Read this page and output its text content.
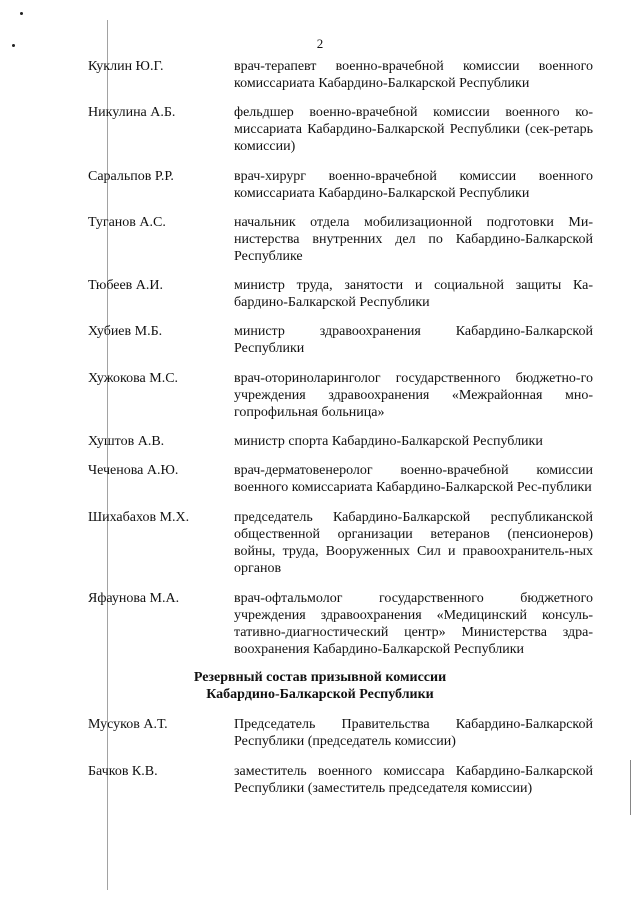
2
Куклин Ю.Г.	врач-терапевт военно-врачебной комиссии военного комиссариата Кабардино-Балкарской Республики
Никулина А.Б.	фельдшер военно-врачебной комиссии военного ко-миссариата Кабардино-Балкарской Республики (сек-ретарь комиссии)
Саральпов Р.Р.	врач-хирург военно-врачебной комиссии военного комиссариата Кабардино-Балкарской Республики
Туганов А.С.	начальник отдела мобилизационной подготовки Ми-нистерства внутренних дел по Кабардино-Балкарской Республике
Тюбеев А.И.	министр труда, занятости и социальной защиты Ка-бардино-Балкарской Республики
Хубиев М.Б.	министр здравоохранения Кабардино-Балкарской Республики
Хужокова М.С.	врач-оториноларинголог государственного бюджетно-го учреждения здравоохранения «Межрайонная мно-гопрофильная больница»
Хуштов А.В.	министр спорта Кабардино-Балкарской Республики
Чеченова А.Ю.	врач-дерматовенеролог военно-врачебной комиссии военного комиссариата Кабардино-Балкарской Рес-публики
Шихабахов М.Х.	председатель Кабардино-Балкарской республиканской общественной организации ветеранов (пенсионеров) войны, труда, Вооруженных Сил и правоохранитель-ных органов
Яфаунова М.А.	врач-офтальмолог государственного бюджетного учреждения здравоохранения «Медицинский консуль-тативно-диагностический центр» Министерства здра-воохранения Кабардино-Балкарской Республики
Резервный состав призывной комиссии
Кабардино-Балкарской Республики
Мусуков А.Т.	Председатель Правительства Кабардино-Балкарской Республики (председатель комиссии)
Бачков К.В.	заместитель военного комиссара Кабардино-Балкарской Республики (заместитель председателя комиссии)
